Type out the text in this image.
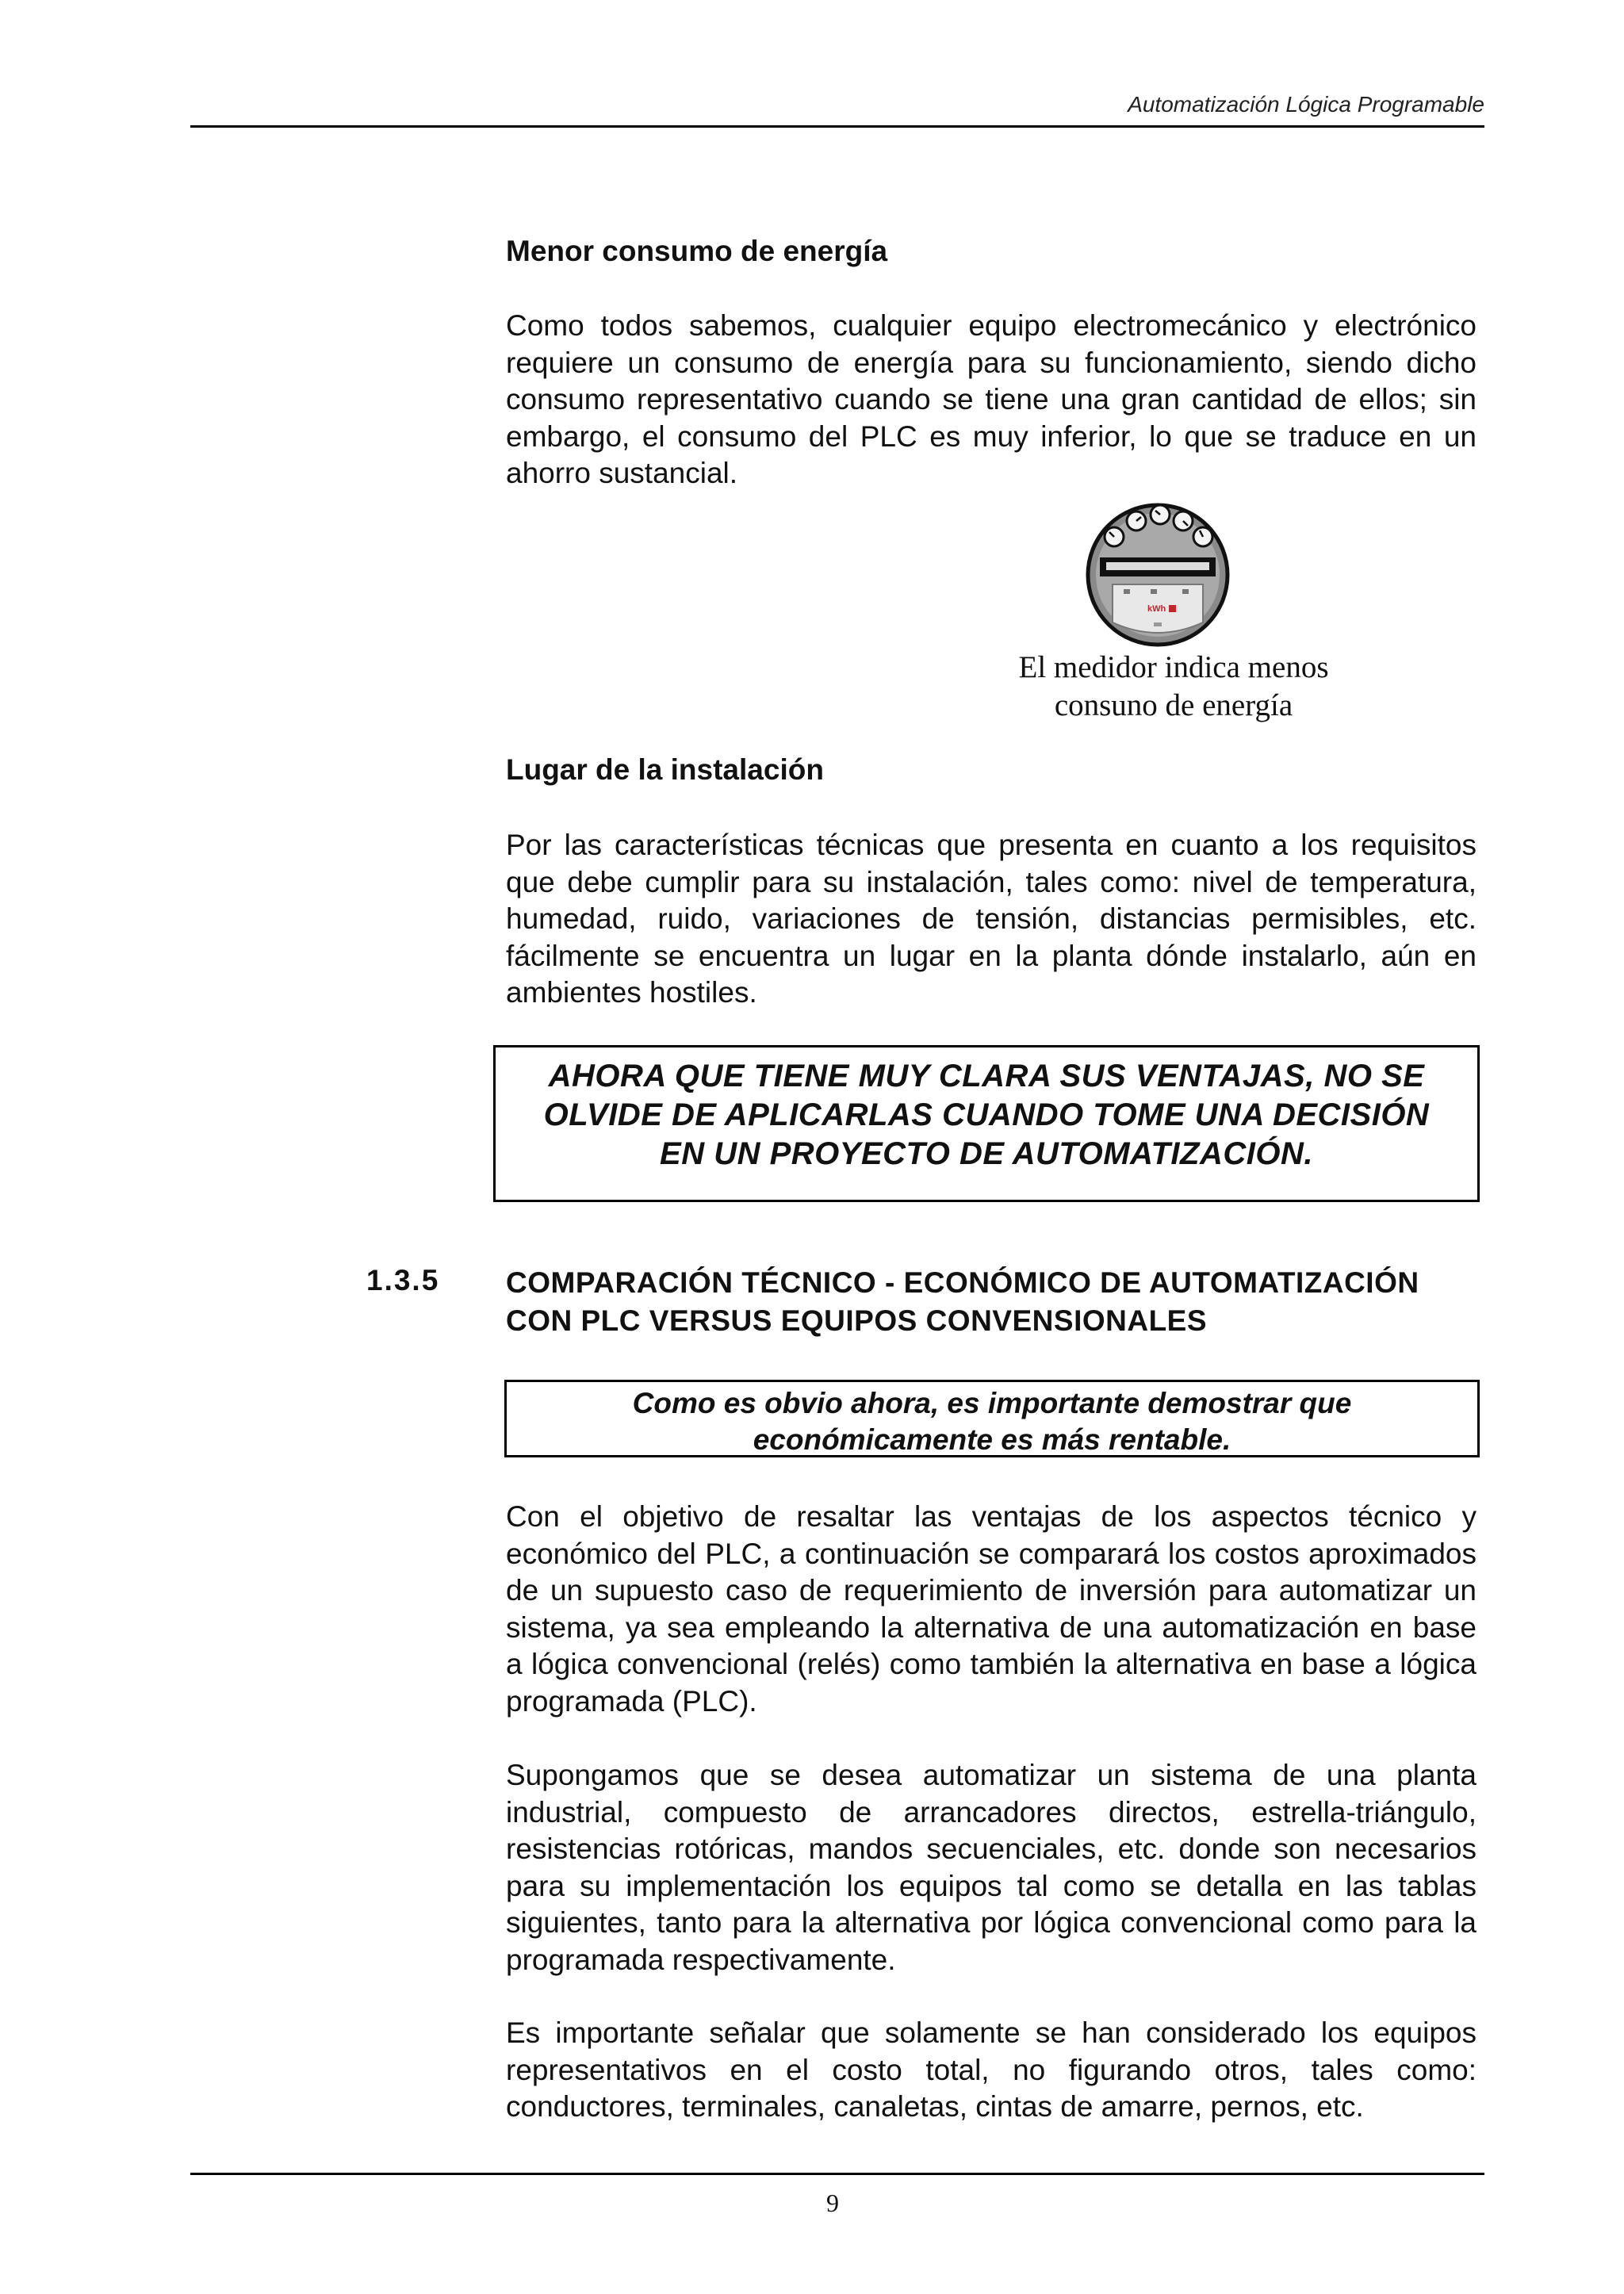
Automatización Lógica Programable
Menor consumo de energía
Como todos sabemos, cualquier equipo electromecánico y electrónico requiere un consumo de energía para su funcionamiento, siendo dicho consumo representativo cuando se tiene una gran cantidad de ellos; sin embargo, el consumo del PLC es muy inferior, lo que se traduce en un ahorro sustancial.
kWh
El medidor indica menos
consuno de energía
Lugar de la instalación
Por las características técnicas que presenta en cuanto a los requisitos que debe cumplir para su instalación, tales como: nivel de temperatura, humedad, ruido, variaciones de tensión, distancias permisibles, etc. fácilmente se encuentra un lugar en la planta dónde instalarlo, aún en ambientes hostiles.
AHORA QUE TIENE MUY CLARA SUS VENTAJAS, NO SE
OLVIDE DE APLICARLAS CUANDO TOME UNA DECISIÓN
EN UN PROYECTO DE AUTOMATIZACIÓN.
1.3.5 COMPARACIÓN TÉCNICO - ECONÓMICO DE AUTOMATIZACIÓN
CON PLC VERSUS EQUIPOS CONVENSIONALES
Como es obvio ahora, es importante demostrar que
económicamente es más rentable.
Con el objetivo de resaltar las ventajas de los aspectos técnico y económico del PLC, a continuación se comparará los costos aproximados de un supuesto caso de requerimiento de inversión para automatizar un sistema, ya sea empleando la alternativa de una automatización en base a lógica convencional (relés) como también la alternativa en base a lógica programada (PLC).
Supongamos que se desea automatizar un sistema de una planta industrial, compuesto de arrancadores directos, estrella-triángulo, resistencias rotóricas, mandos secuenciales, etc. donde son necesarios para su implementación los equipos tal como se detalla en las tablas siguientes, tanto para la alternativa por lógica convencional como para la programada respectivamente.
Es importante señalar que solamente se han considerado los equipos representativos en el costo total, no figurando otros, tales como: conductores, terminales, canaletas, cintas de amarre, pernos, etc.
9
